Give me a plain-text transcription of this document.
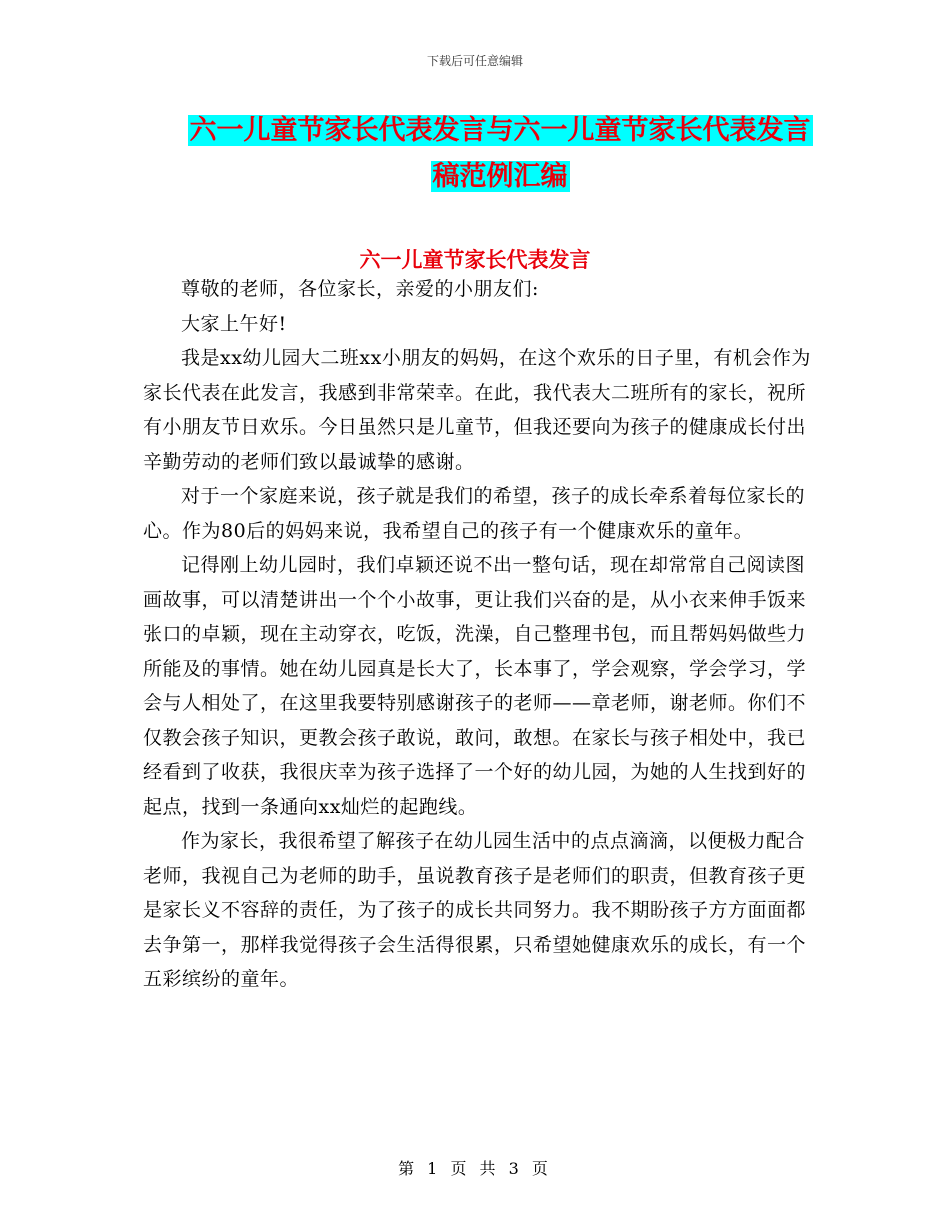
下载后可任意编辑
六一儿童节家长代表发言与六一儿童节家长代表发言
稿范例汇编
六一儿童节家长代表发言

尊敬的老师，各位家长，亲爱的小朋友们:

大家上午好!

我是xx幼儿园大二班xx小朋友的妈妈，在这个欢乐的日子里，有机会作为家长代表在此发言，我感到非常荣幸。在此，我代表大二班所有的家长，祝所有小朋友节日欢乐。今日虽然只是儿童节，但我还要向为孩子的健康成长付出辛勤劳动的老师们致以最诚挚的感谢。

对于一个家庭来说，孩子就是我们的希望，孩子的成长牵系着每位家长的心。作为80后的妈妈来说，我希望自己的孩子有一个健康欢乐的童年。

记得刚上幼儿园时，我们卓颖还说不出一整句话，现在却常常自己阅读图画故事，可以清楚讲出一个个小故事，更让我们兴奋的是，从小衣来伸手饭来张口的卓颖，现在主动穿衣，吃饭，洗澡，自己整理书包，而且帮妈妈做些力所能及的事情。她在幼儿园真是长大了，长本事了，学会观察，学会学习，学会与人相处了，在这里我要特别感谢孩子的老师——章老师，谢老师。你们不仅教会孩子知识，更教会孩子敢说，敢问，敢想。在家长与孩子相处中，我已经看到了收获，我很庆幸为孩子选择了一个好的幼儿园，为她的人生找到好的起点，找到一条通向xx灿烂的起跑线。

作为家长，我很希望了解孩子在幼儿园生活中的点点滴滴，以便极力配合老师，我视自己为老师的助手，虽说教育孩子是老师们的职责，但教育孩子更是家长义不容辞的责任，为了孩子的成长共同努力。我不期盼孩子方方面面都去争第一，那样我觉得孩子会生活得很累，只希望她健康欢乐的成长，有一个五彩缤纷的童年。

第 1 页 共 3 页
